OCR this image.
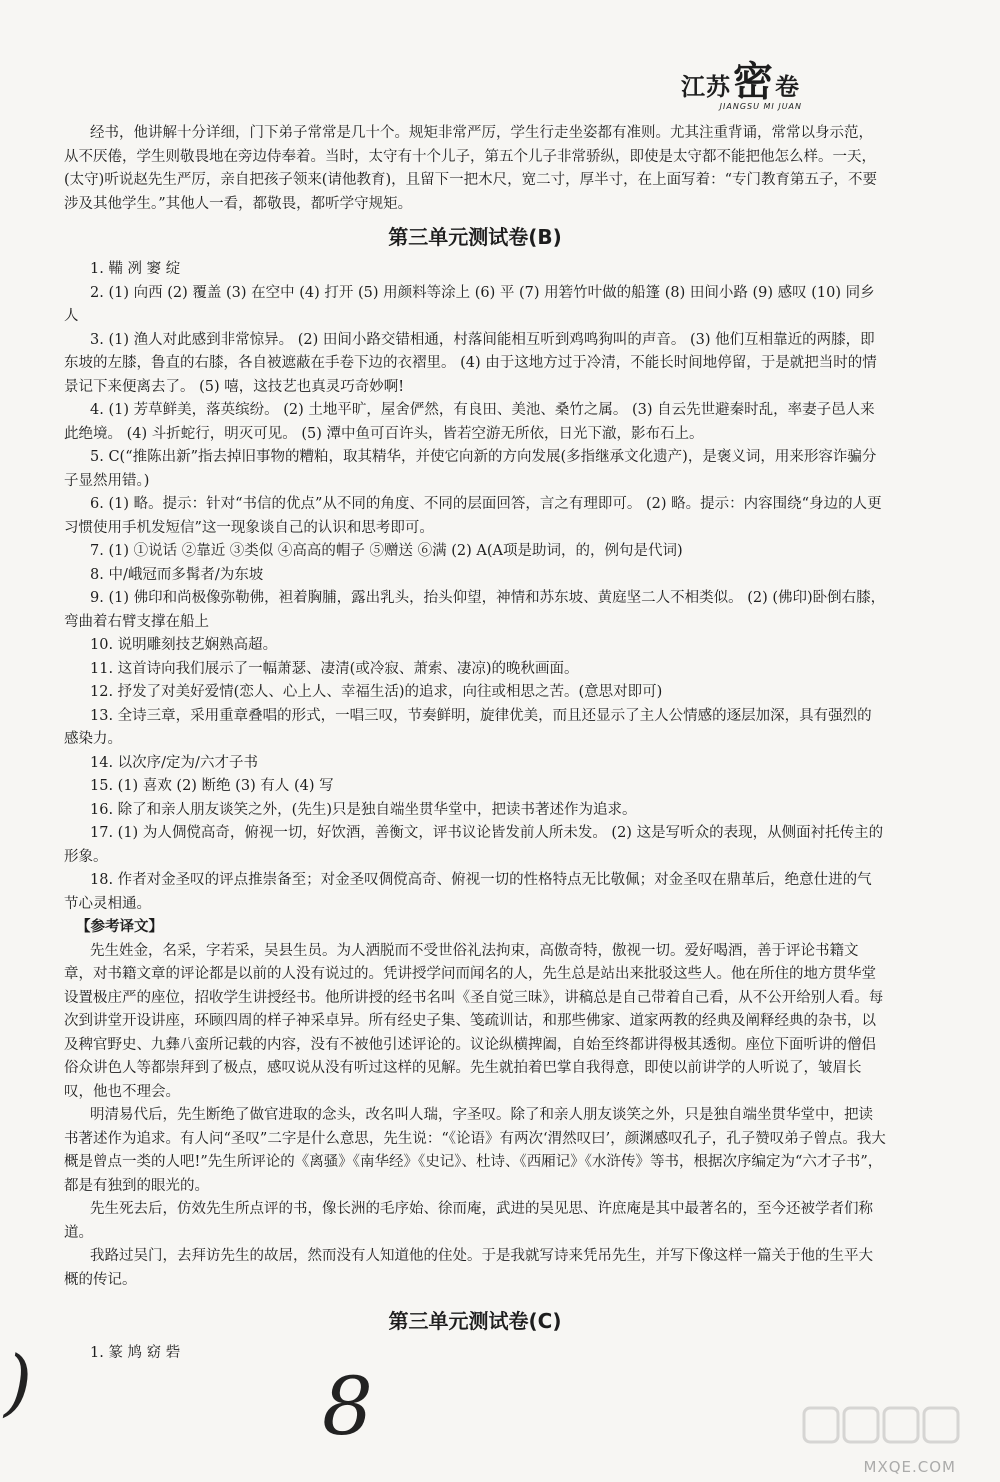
江苏 密 卷
JIANGSU MI JUAN

经书，他讲解十分详细，门下弟子常常是几十个。规矩非常严厉，学生行走坐姿都有准则。尤其注重背诵，常常以身示范，从不厌倦，学生则敬畏地在旁边侍奉着。当时，太守有十个儿子，第五个儿子非常骄纵，即使是太守都不能把他怎么样。一天，(太守)听说赵先生严厉，亲自把孩子领来(请他教育)，且留下一把木尺，宽二寸，厚半寸，在上面写着：“专门教育第五子，不要涉及其他学生。”其他人一看，都敬畏，都听学守规矩。

第三单元测试卷(B)

1. 鞴 冽 窭 绽

2. (1) 向西 (2) 覆盖 (3) 在空中 (4) 打开 (5) 用颜料等涂上 (6) 平 (7) 用箬竹叶做的船篷 (8) 田间小路 (9) 感叹 (10) 同乡人

3. (1) 渔人对此感到非常惊异。 (2) 田间小路交错相通，村落间能相互听到鸡鸣狗叫的声音。 (3) 他们互相靠近的两膝，即东坡的左膝，鲁直的右膝，各自被遮蔽在手卷下边的衣褶里。 (4) 由于这地方过于冷清，不能长时间地停留，于是就把当时的情景记下来便离去了。 (5) 嘻，这技艺也真灵巧奇妙啊!

4. (1) 芳草鲜美，落英缤纷。 (2) 土地平旷，屋舍俨然，有良田、美池、桑竹之属。 (3) 自云先世避秦时乱，率妻子邑人来此绝境。 (4) 斗折蛇行，明灭可见。 (5) 潭中鱼可百许头，皆若空游无所依，日光下澈，影布石上。

5. C(“推陈出新”指去掉旧事物的糟粕，取其精华，并使它向新的方向发展(多指继承文化遗产)，是褒义词，用来形容诈骗分子显然用错。)

6. (1) 略。提示：针对“书信的优点”从不同的角度、不同的层面回答，言之有理即可。 (2) 略。提示：内容围绕“身边的人更习惯使用手机发短信”这一现象谈自己的认识和思考即可。

7. (1) ①说话 ②靠近 ③类似 ④高高的帽子 ⑤赠送 ⑥满 (2) A(A项是助词，的，例句是代词)

8. 中/峨冠而多髯者/为东坡

9. (1) 佛印和尚极像弥勒佛，袒着胸脯，露出乳头，抬头仰望，神情和苏东坡、黄庭坚二人不相类似。 (2) (佛印)卧倒右膝，弯曲着右臂支撑在船上

10. 说明雕刻技艺娴熟高超。

11. 这首诗向我们展示了一幅萧瑟、凄清(或冷寂、萧索、凄凉)的晚秋画面。

12. 抒发了对美好爱情(恋人、心上人、幸福生活)的追求，向往或相思之苦。(意思对即可)

13. 全诗三章，采用重章叠唱的形式，一唱三叹，节奏鲜明，旋律优美，而且还显示了主人公情感的逐层加深，具有强烈的感染力。

14. 以次序/定为/六才子书

15. (1) 喜欢 (2) 断绝 (3) 有人 (4) 写

16. 除了和亲人朋友谈笑之外，(先生)只是独自端坐贯华堂中，把读书著述作为追求。

17. (1) 为人倜傥高奇，俯视一切，好饮酒，善衡文，评书议论皆发前人所未发。 (2) 这是写听众的表现，从侧面衬托传主的形象。

18. 作者对金圣叹的评点推崇备至；对金圣叹倜傥高奇、俯视一切的性格特点无比敬佩；对金圣叹在鼎革后，绝意仕进的气节心灵相通。

【参考译文】

先生姓金，名采，字若采，吴县生员。为人洒脱而不受世俗礼法拘束，高傲奇特，傲视一切。爱好喝酒，善于评论书籍文章，对书籍文章的评论都是以前的人没有说过的。凭讲授学问而闻名的人，先生总是站出来批驳这些人。他在所住的地方贯华堂设置极庄严的座位，招收学生讲授经书。他所讲授的经书名叫《圣自觉三昧》，讲稿总是自己带着自己看，从不公开给别人看。每次到讲堂开设讲座，环顾四周的样子神采卓异。所有经史子集、笺疏训诂，和那些佛家、道家两教的经典及阐释经典的杂书，以及稗官野史、九彝八蛮所记载的内容，没有不被他引述评论的。议论纵横捭阖，自始至终都讲得极其透彻。座位下面听讲的僧侣俗众讲色人等都崇拜到了极点，感叹说从没有听过这样的见解。先生就拍着巴掌自我得意，即使以前讲学的人听说了，皱眉长叹，他也不理会。

明清易代后，先生断绝了做官进取的念头，改名叫人瑞，字圣叹。除了和亲人朋友谈笑之外，只是独自端坐贯华堂中，把读书著述作为追求。有人问“圣叹”二字是什么意思，先生说：“《论语》有两次‘渭然叹曰’，颜渊感叹孔子，孔子赞叹弟子曾点。我大概是曾点一类的人吧!”先生所评论的《离骚》《南华经》《史记》、杜诗、《西厢记》《水浒传》等书，根据次序编定为“六才子书”，都是有独到的眼光的。

先生死去后，仿效先生所点评的书，像长洲的毛序始、徐而庵，武进的吴见思、许庶庵是其中最著名的，至今还被学者们称道。

我路过吴门，去拜访先生的故居，然而没有人知道他的住处。于是我就写诗来凭吊先生，并写下像这样一篇关于他的生平大概的传记。

第三单元测试卷(C)

1. 篆 鸠 窈 砦

)	8
MXQE.COM
